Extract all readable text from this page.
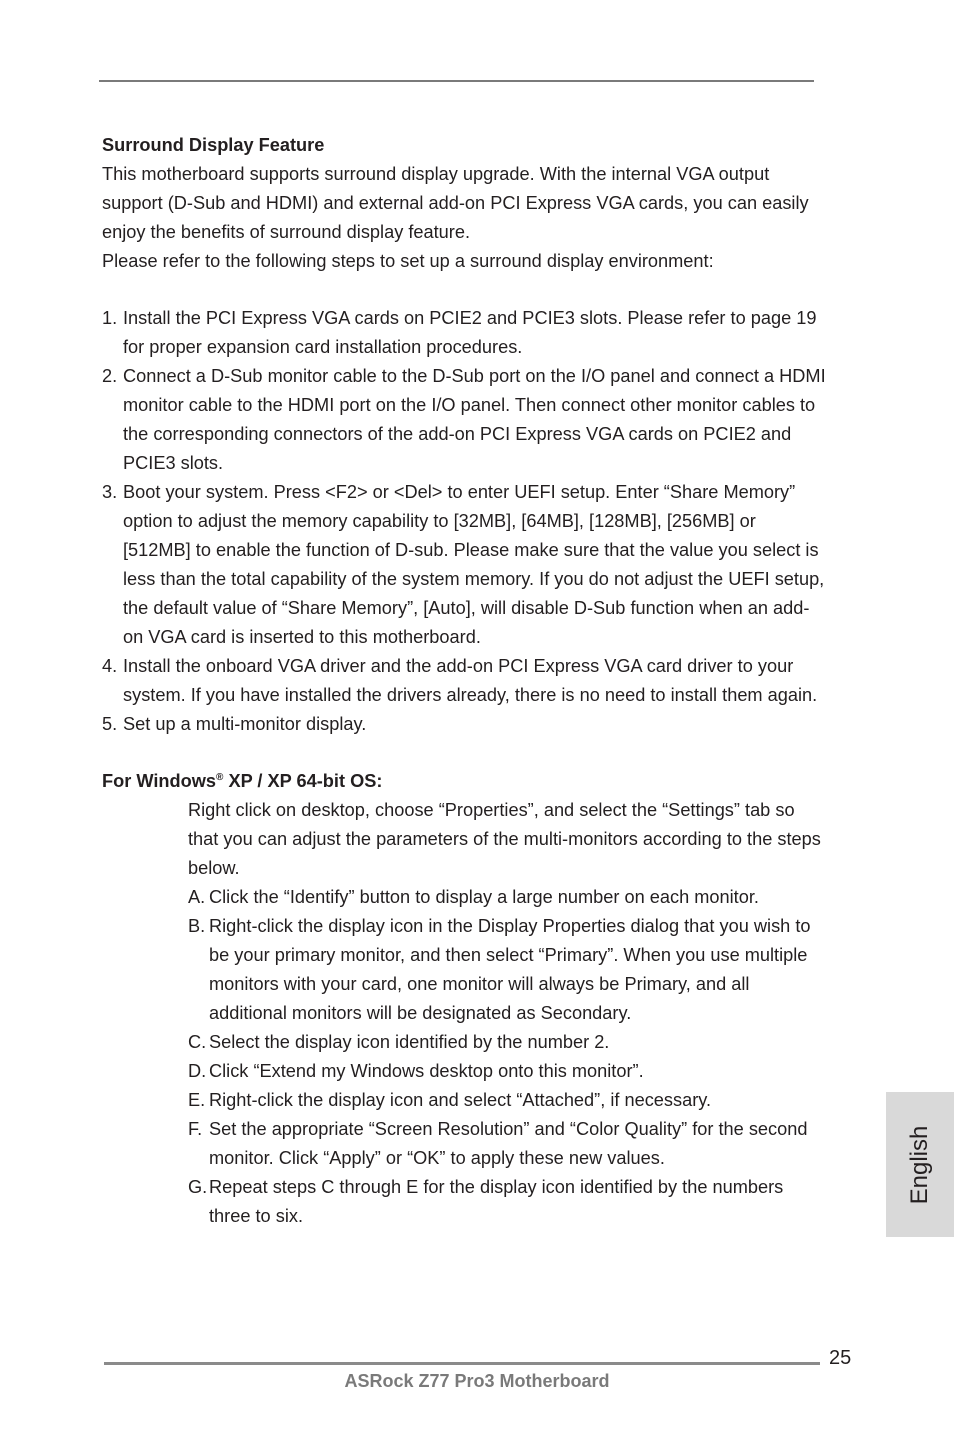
Surround Display Feature

This motherboard supports surround display upgrade. With the internal VGA output support (D-Sub and HDMI) and external add-on PCI Express VGA cards, you can easily enjoy the benefits of surround display feature.

Please refer to the following steps to set up a surround display environment:

1. Install the PCI Express VGA cards on PCIE2 and PCIE3 slots. Please refer to page 19 for proper expansion card installation procedures.
2. Connect a D-Sub monitor cable to the D-Sub port on the I/O panel and connect a HDMI monitor cable to the HDMI port on the I/O panel. Then connect other monitor cables to the corresponding connectors of the add-on PCI Express VGA cards on PCIE2 and PCIE3 slots.
3. Boot your system. Press <F2> or <Del> to enter UEFI setup. Enter “Share Memory” option to adjust the memory capability to [32MB], [64MB], [128MB], [256MB] or [512MB] to enable the function of D-sub. Please make sure that the value you select is less than the total capability of the system memory. If you do not adjust the UEFI setup, the default value of “Share Memory”, [Auto], will disable D-Sub function when an add-on VGA card is inserted to this motherboard.
4. Install the onboard VGA driver and the add-on PCI Express VGA card driver to your system. If you have installed the drivers already, there is no need to install them again.
5. Set up a multi-monitor display.

For Windows® XP / XP 64-bit OS:

Right click on desktop, choose “Properties”, and select the “Settings” tab so that you can adjust the parameters of the multi-monitors according to the steps below.

A. Click the “Identify” button to display a large number on each monitor.
B. Right-click the display icon in the Display Properties dialog that you wish to be your primary monitor, and then select “Primary”. When you use multiple monitors with your card, one monitor will always be Primary, and all additional monitors will be designated as Secondary.
C. Select the display icon identified by the number 2.
D. Click “Extend my Windows desktop onto this monitor”.
E. Right-click the display icon and select “Attached”, if necessary.
F. Set the appropriate “Screen Resolution” and “Color Quality” for the second monitor. Click “Apply” or “OK” to apply these new values.
G. Repeat steps C through E for the display icon identified by the numbers three to six.
English
25
ASRock Z77 Pro3 Motherboard
